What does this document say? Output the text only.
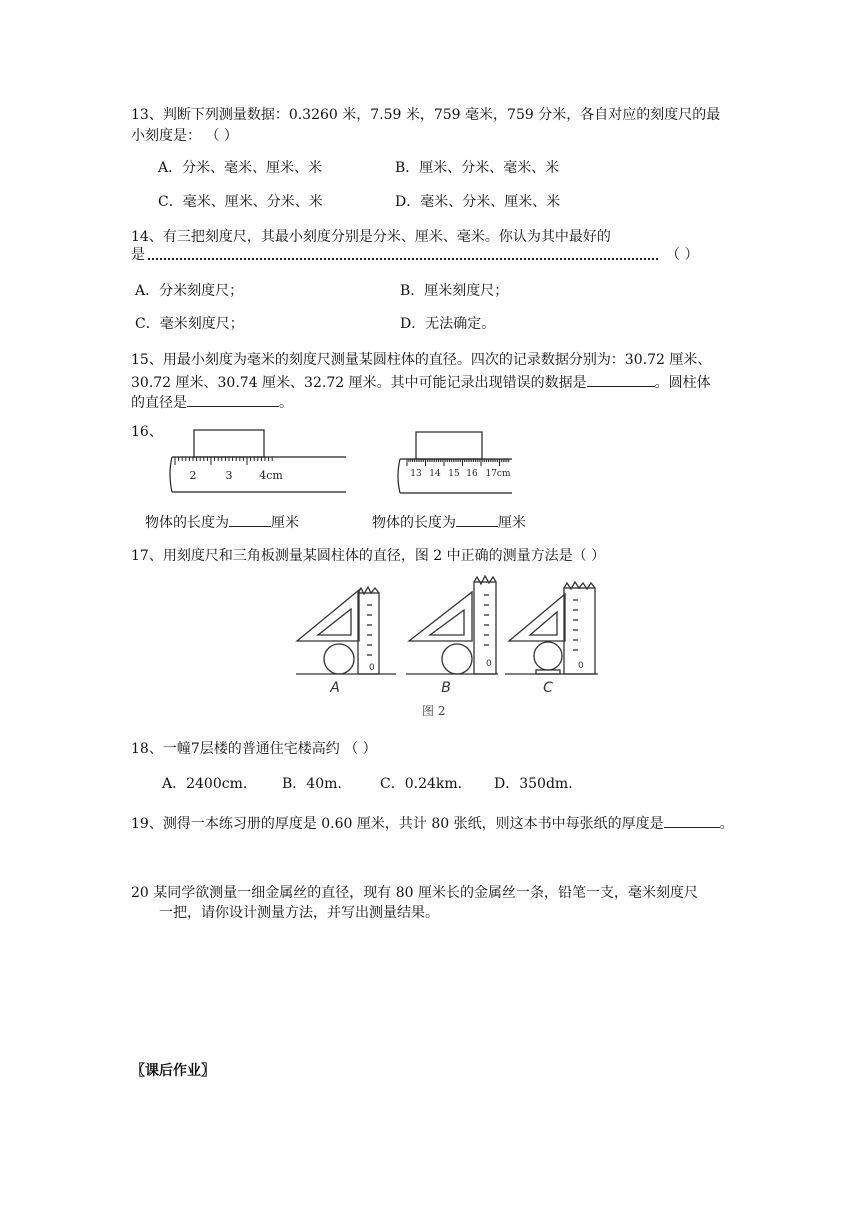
13、判断下列测量数据：0.3260 米，7.59 米，759 毫米，759 分米，各自对应的刻度尺的最
小刻度是： （ ）
A．分米、毫米、厘米、米	B．厘米、分米、毫米、米
C．毫米、厘米、分米、米	D．毫米、分米、厘米、米
14、有三把刻度尺，其最小刻度分别是分米、厘米、毫米。你认为其中最好的
是	（ ）
A．分米刻度尺；	B．厘米刻度尺；
C．毫米刻度尺；	D．无法确定。
15、用最小刻度为毫米的刻度尺测量某圆柱体的直径。四次的记录数据分别为：30.72 厘米、
30.72 厘米、30.74 厘米、32.72 厘米。其中可能记录出现错误的数据是	。圆柱体
的直径是	。
16、
2	3 4cm	13 14 15 16 17cm
物体的长度为	厘米	物体的长度为	厘米
17、用刻度尺和三角板测量某圆柱体的直径，图 2 中正确的测量方法是（ ）
0	0	0
A	B	C
图 2
18、一幢7层楼的普通住宅楼高约 （ ）
A．2400cm. B．40m.	C．0.24km. D．350dm.
19、测得一本练习册的厚度是 0.60 厘米，共计 80 张纸，则这本书中每张纸的厚度是	。
20 某同学欲测量一细金属丝的直径，现有 80 厘米长的金属丝一条，铅笔一支，毫米刻度尺
一把，请你设计测量方法，并写出测量结果。
〖课后作业〗
